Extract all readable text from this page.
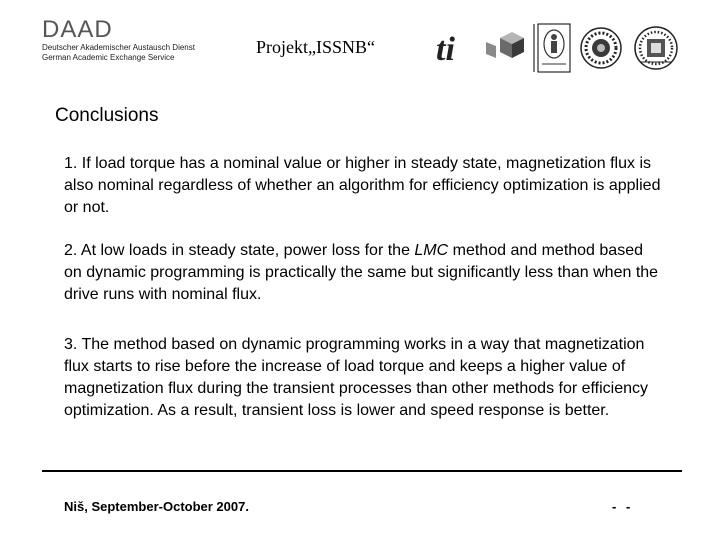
DAAD
Deutscher Akademischer Austausch Dienst
German Academic Exchange Service
Projekt„ISSNB“ ti
Conclusions
1. If load torque has a nominal value or higher in steady state, magnetization flux is also nominal regardless of whether an algorithm for efficiency optimization is applied or not.
2. At low loads in steady state, power loss for the LMC method and method based on dynamic programming is practically the same but significantly less than when the drive runs with nominal flux.
3. The method based on dynamic programming works in a way that magnetization flux starts to rise before the increase of load torque and keeps a higher value of magnetization flux during the transient processes than other methods for efficiency optimization. As a result, transient loss is lower and speed response is better.
Niš, September-October 2007.	- -
